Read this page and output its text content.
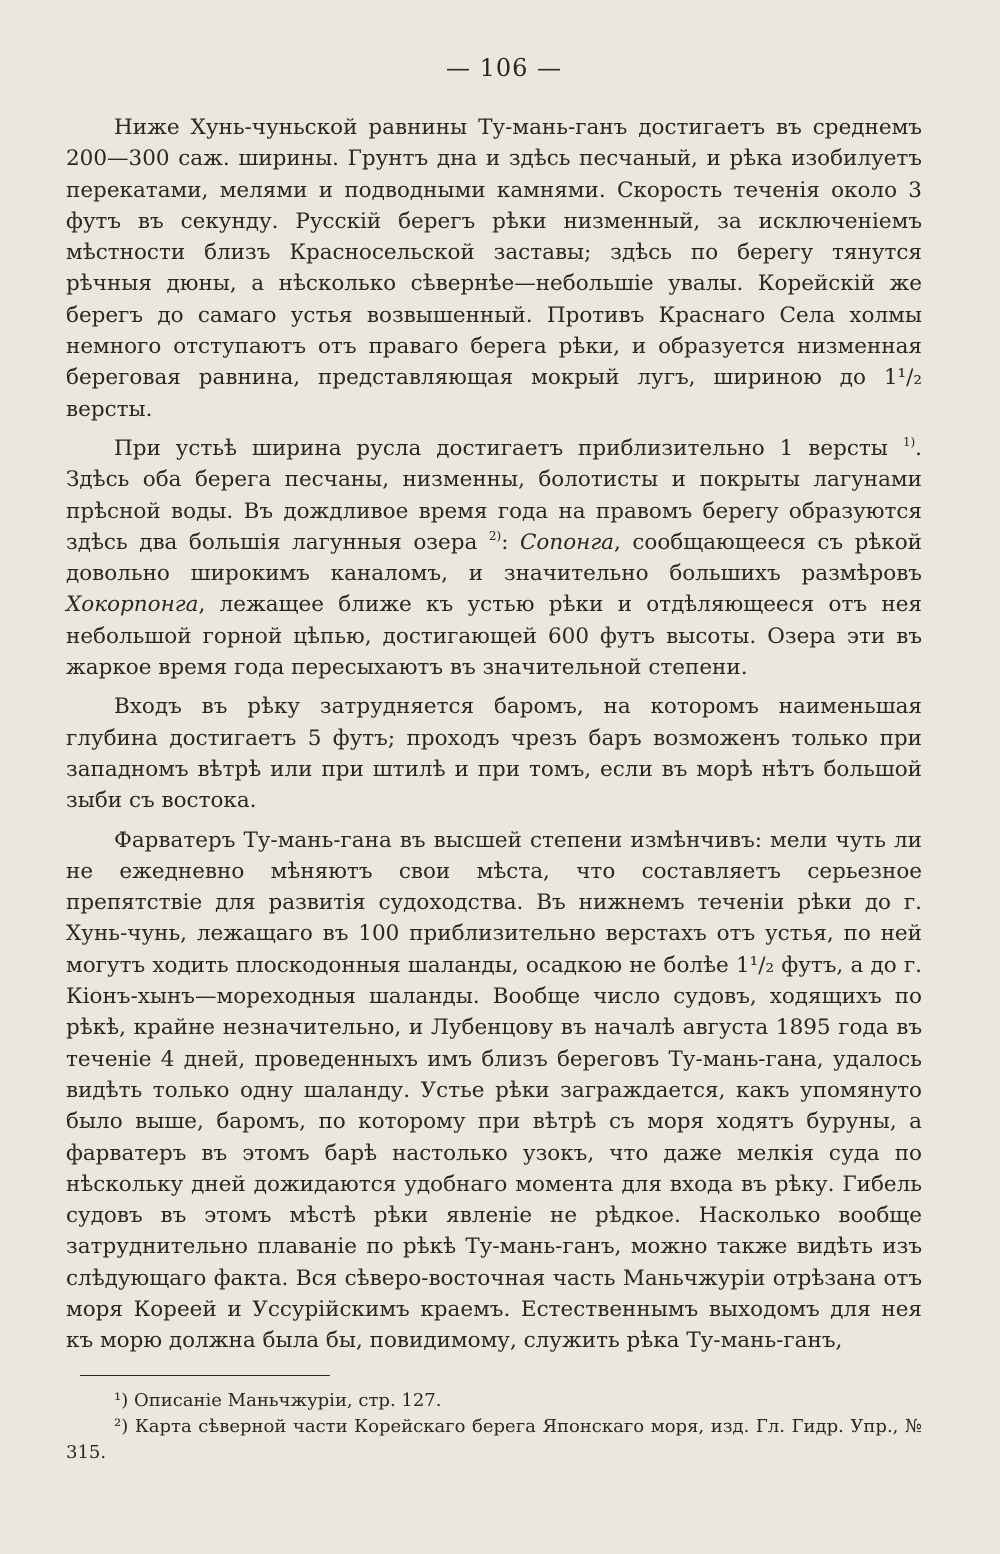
— 106 —

Ниже Хунь-чуньской равнины Ту-мань-ганъ достигаетъ въ среднемъ 200—300 саж. ширины. Грунтъ дна и здѣсь песчаный, и рѣка изобилуетъ перекатами, мелями и подводными камнями. Скорость теченія около 3 футъ въ секунду. Русскій берегъ рѣки низменный, за исключеніемъ мѣстности близъ Красносельской заставы; здѣсь по берегу тянутся рѣчныя дюны, а нѣсколько сѣвернѣе—небольшіе увалы. Корейскій же берегъ до самаго устья возвышенный. Противъ Краснаго Села холмы немного отступаютъ отъ праваго берега рѣки, и образуется низменная береговая равнина, представляющая мокрый лугъ, шириною до 1¹/₂ версты.

При устьѣ ширина русла достигаетъ приблизительно 1 версты $^{1)}$. Здѣсь оба берега песчаны, низменны, болотисты и покрыты лагунами прѣсной воды. Въ дождливое время года на правомъ берегу образуются здѣсь два большія лагунныя озера $^{2)}$: Сопонга, сообщающееся съ рѣкой довольно широкимъ каналомъ, и значительно большихъ размѣровъ Хокорпонга, лежащее ближе къ устью рѣки и отдѣляющееся отъ нея небольшой горной цѣпью, достигающей 600 футъ высоты. Озера эти въ жаркое время года пересыхаютъ въ значительной степени.

Входъ въ рѣку затрудняется баромъ, на которомъ наименьшая глубина достигаетъ 5 футъ; проходъ чрезъ баръ возможенъ только при западномъ вѣтрѣ или при штилѣ и при томъ, если въ морѣ нѣтъ большой зыби съ востока.

Фарватеръ Ту-мань-гана въ высшей степени измѣнчивъ: мели чуть ли не ежедневно мѣняютъ свои мѣста, что составляетъ серьезное препятствіе для развитія судоходства. Въ нижнемъ теченіи рѣки до г. Хунь-чунь, лежащаго въ 100 приблизительно верстахъ отъ устья, по ней могутъ ходить плоскодонныя шаланды, осадкою не болѣе 1¹/₂ футъ, а до г. Кіонъ-хынъ—мореходныя шаланды. Вообще число судовъ, ходящихъ по рѣкѣ, крайне незначительно, и Лубенцову въ началѣ августа 1895 года въ теченіе 4 дней, проведенныхъ имъ близъ береговъ Ту-мань-гана, удалось видѣть только одну шаланду. Устье рѣки заграждается, какъ упомянуто было выше, баромъ, по которому при вѣтрѣ съ моря ходятъ буруны, а фарватеръ въ этомъ барѣ настолько узокъ, что даже мелкія суда по нѣскольку дней дожидаются удобнаго момента для входа въ рѣку. Гибель судовъ въ этомъ мѣстѣ рѣки явленіе не рѣдкое. Насколько вообще затруднительно плаваніе по рѣкѣ Ту-мань-ганъ, можно также видѣть изъ слѣдующаго факта. Вся сѣверо-восточная часть Маньчжуріи отрѣзана отъ моря Кореей и Уссурійскимъ краемъ. Естественнымъ выходомъ для нея къ морю должна была бы, повидимому, служить рѣка Ту-мань-ганъ,

¹) Описаніе Маньчжуріи, стр. 127.

²) Карта сѣверной части Корейскаго берега Японскаго моря, изд. Гл. Гидр. Упр., № 315.
